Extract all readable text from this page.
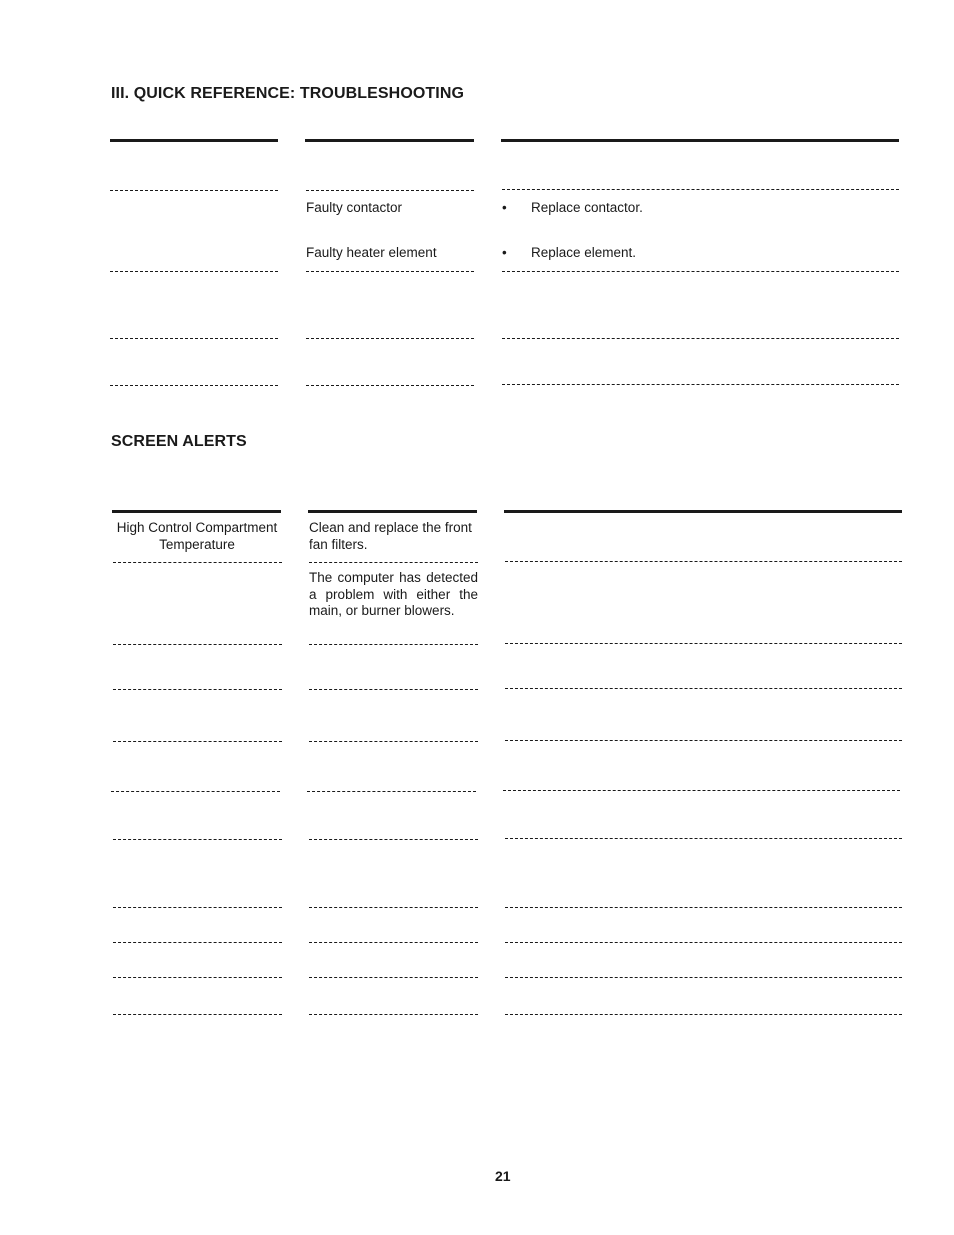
III. QUICK REFERENCE: TROUBLESHOOTING
Faulty contactor	• Replace contactor.
Faulty heater element	• Replace element.
SCREEN ALERTS
High Control Compartment Temperature
Clean and replace the front fan filters.
The computer has detected a problem with either the main, or burner blowers.
21
